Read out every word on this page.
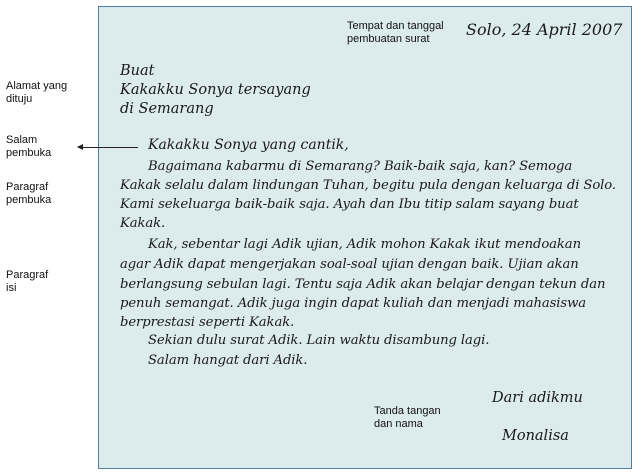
Alamat yang
dituju
Salam
pembuka
Paragraf
pembuka
Paragraf
isi
Tempat dan tanggal
pembuatan surat
Tanda tangan
dan nama
Solo, 24 April 2007
Buat
Kakakku Sonya tersayang
di Semarang
Kakakku Sonya yang cantik,
Bagaimana kabarmu di Semarang? Baik-baik saja, kan? Semoga
Kakak selalu dalam lindungan Tuhan, begitu pula dengan keluarga di Solo.
Kami sekeluarga baik-baik saja. Ayah dan Ibu titip salam sayang buat
Kakak.
Kak, sebentar lagi Adik ujian, Adik mohon Kakak ikut mendoakan
agar Adik dapat mengerjakan soal-soal ujian dengan baik. Ujian akan
berlangsung sebulan lagi. Tentu saja Adik akan belajar dengan tekun dan
penuh semangat. Adik juga ingin dapat kuliah dan menjadi mahasiswa
berprestasi seperti Kakak.
Sekian dulu surat Adik. Lain waktu disambung lagi.
Salam hangat dari Adik.
Dari adikmu
Monalisa
